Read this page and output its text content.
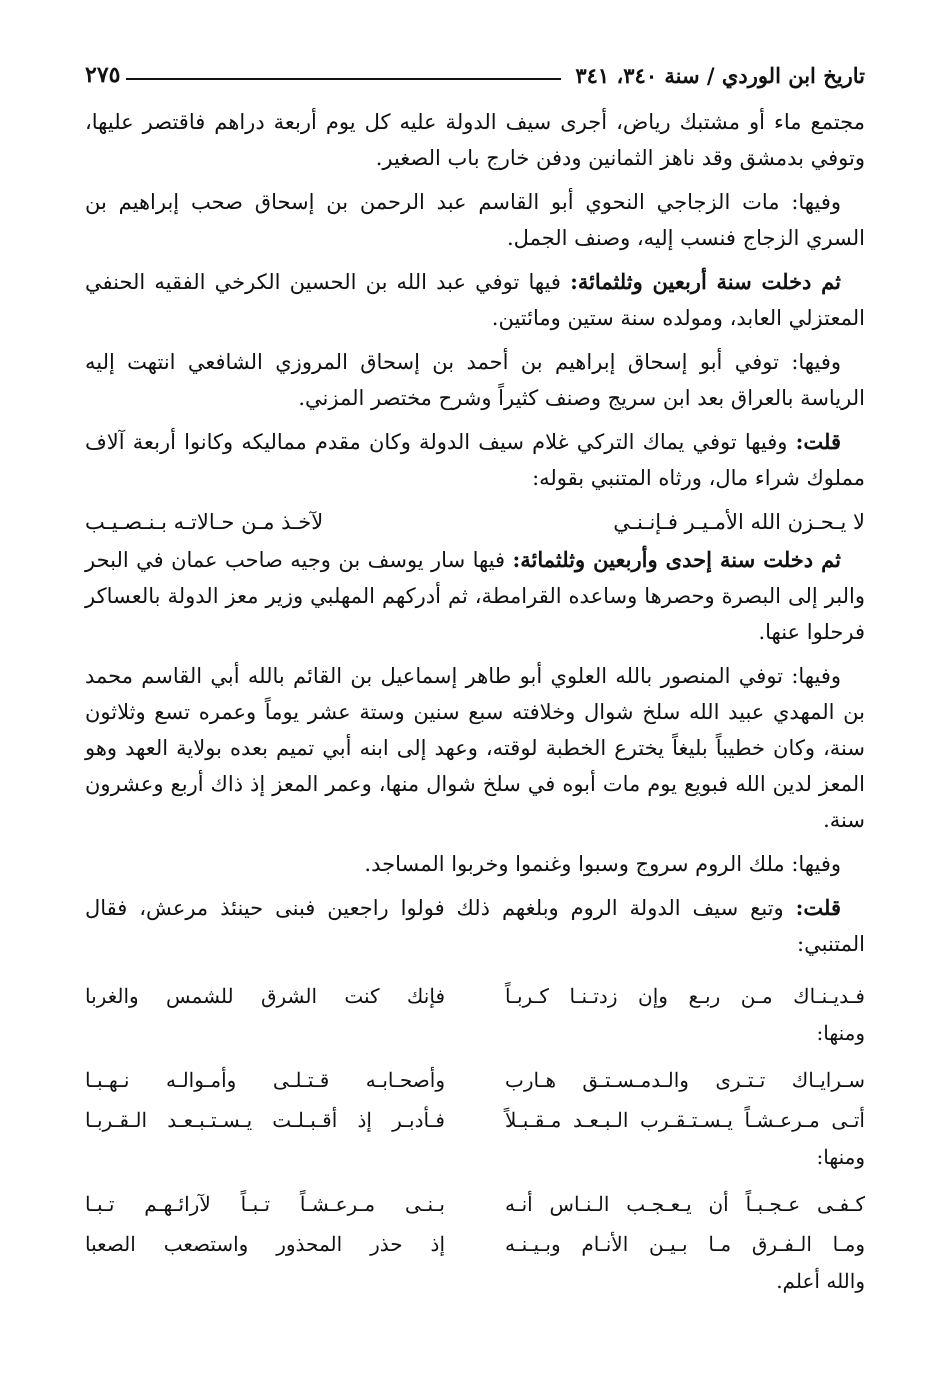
تاريخ ابن الوردي / سنة ٣٤٠، ٣٤١
٢٧٥

مجتمع ماء أو مشتبك رياض، أجرى سيف الدولة عليه كل يوم أربعة دراهم فاقتصر عليها، وتوفي بدمشق وقد ناهز الثمانين ودفن خارج باب الصغير.

وفيها: مات الزجاجي النحوي أبو القاسم عبد الرحمن بن إسحاق صحب إبراهيم بن السري الزجاج فنسب إليه، وصنف الجمل.

ثم دخلت سنة أربعين وثلثمائة: فيها توفي عبد الله بن الحسين الكرخي الفقيه الحنفي المعتزلي العابد، ومولده سنة ستين ومائتين.

وفيها: توفي أبو إسحاق إبراهيم بن أحمد بن إسحاق المروزي الشافعي انتهت إليه الرياسة بالعراق بعد ابن سريج وصنف كثيراً وشرح مختصر المزني.

قلت: وفيها توفي يماك التركي غلام سيف الدولة وكان مقدم مماليكه وكانوا أربعة آلاف مملوك شراء مال، ورثاه المتنبي بقوله:

لا يـحـزن الله الأمـيـر فـإنـنـي
لآخـذ مـن حـالاتـه بـنـصـيـب

ثم دخلت سنة إحدى وأربعين وثلثمائة: فيها سار يوسف بن وجيه صاحب عمان في البحر والبر إلى البصرة وحصرها وساعده القرامطة، ثم أدركهم المهلبي وزير معز الدولة بالعساكر فرحلوا عنها.

وفيها: توفي المنصور بالله العلوي أبو طاهر إسماعيل بن القائم بالله أبي القاسم محمد بن المهدي عبيد الله سلخ شوال وخلافته سبع سنين وستة عشر يوماً وعمره تسع وثلاثون سنة، وكان خطيباً بليغاً يخترع الخطبة لوقته، وعهد إلى ابنه أبي تميم بعده بولاية العهد وهو المعز لدين الله فبويع يوم مات أبوه في سلخ شوال منها، وعمر المعز إذ ذاك أربع وعشرون سنة.

وفيها: ملك الروم سروج وسبوا وغنموا وخربوا المساجد.

قلت: وتبع سيف الدولة الروم وبلغهم ذلك فولوا راجعين فبنى حينئذ مرعش، فقال المتنبي:

فـديـنـاك مـن ربـع وإن زدتـنـا كـربـاً
فإنك كنت الشرق للشمس والغربا

ومنها:

سـرايـاك تـتـرى والـدمـسـتـق هـارب
وأصحـابـه قـتـلـى وأمـوالـه نـهـبـا
أتـى مـرعـشـاً يـسـتـقـرب الـبـعـد مـقـبـلاً
فـأدبـر إذ أقـبـلـت يـسـتـبـعـد الـقـربـا

ومنها:

كـفـى عـجـبـاً أن يـعـجـب الـنـاس أنـه
بـنـى مـرعـشـاً تـبـاً لآرائـهـم تـبـا
ومـا الـفـرق مـا بـيـن الأنـام وبـيـنـه
إذ حذر المحذور واستصعب الصعبا

والله أعلم.
